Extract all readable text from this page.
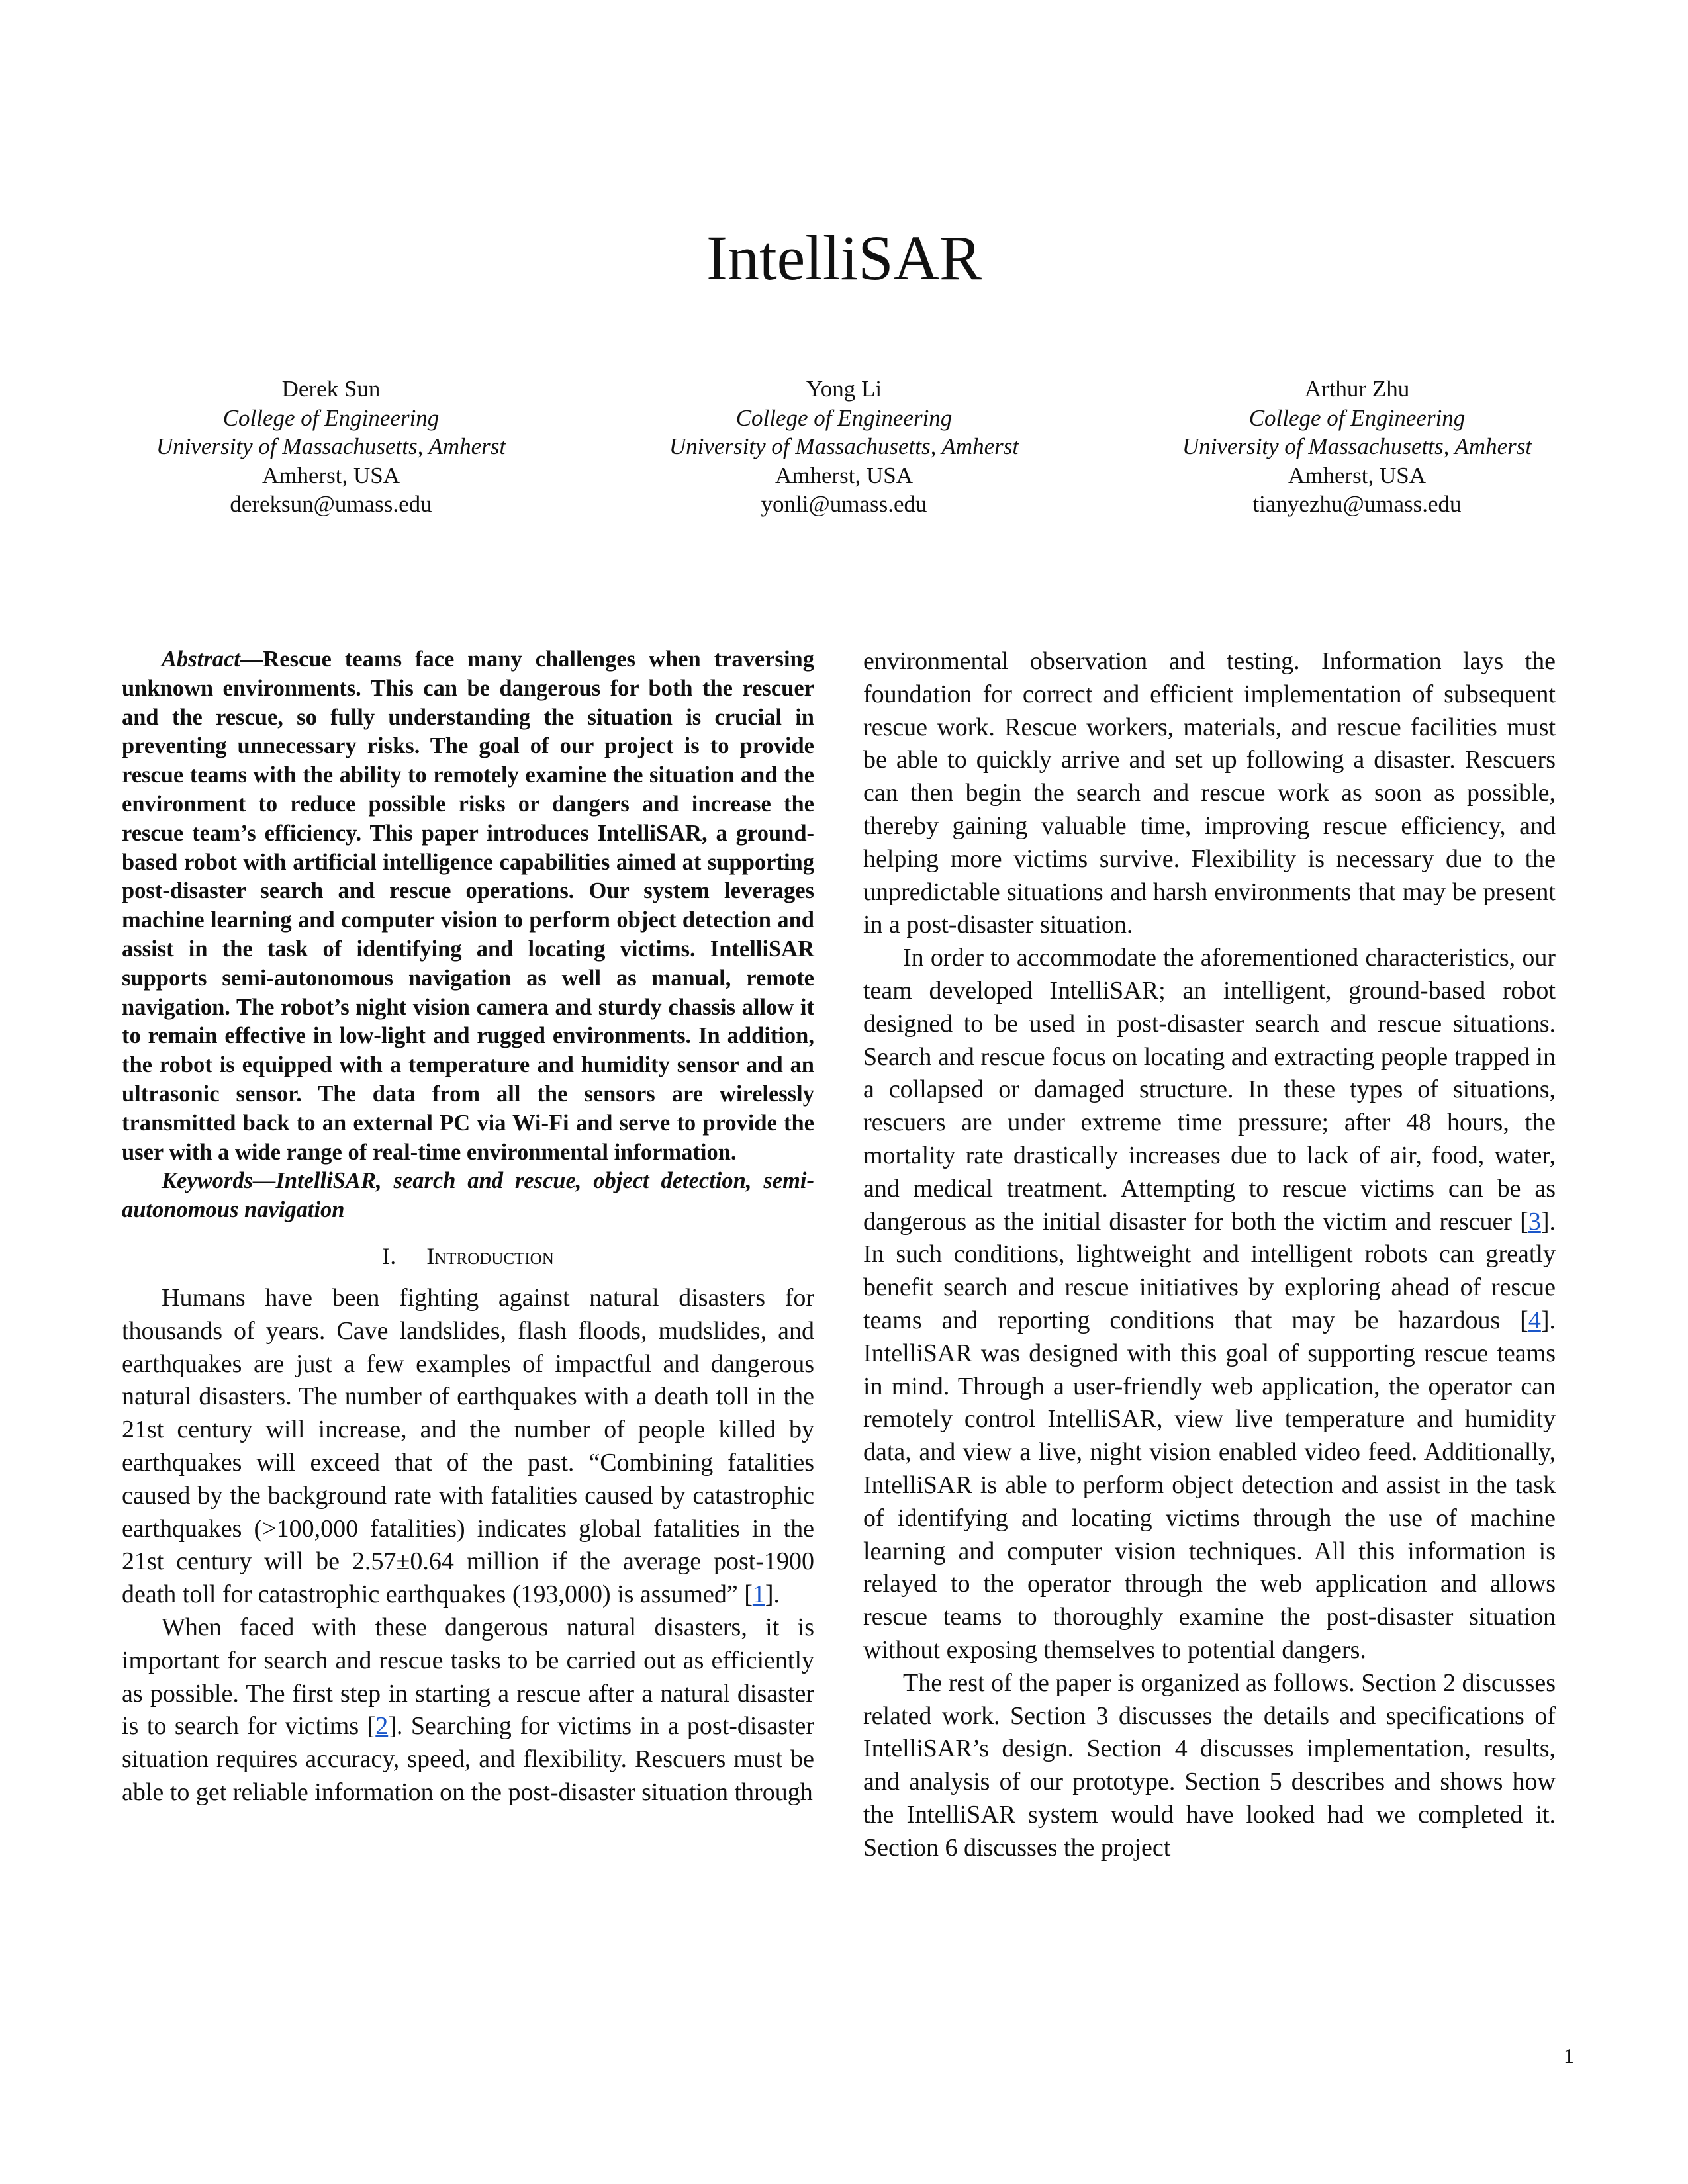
IntelliSAR
Derek Sun
College of Engineering
University of Massachusetts, Amherst
Amherst, USA
dereksun@umass.edu
Yong Li
College of Engineering
University of Massachusetts, Amherst
Amherst, USA
yonli@umass.edu
Arthur Zhu
College of Engineering
University of Massachusetts, Amherst
Amherst, USA
tianyezhu@umass.edu

Abstract—Rescue teams face many challenges when traversing unknown environments. This can be dangerous for both the rescuer and the rescue, so fully understanding the situation is crucial in preventing unnecessary risks. The goal of our project is to provide rescue teams with the ability to remotely examine the situation and the environment to reduce possible risks or dangers and increase the rescue team’s efficiency. This paper introduces IntelliSAR, a ground-based robot with artificial intelligence capabilities aimed at supporting post-disaster search and rescue operations. Our system leverages machine learning and computer vision to perform object detection and assist in the task of identifying and locating victims. IntelliSAR supports semi-autonomous navigation as well as manual, remote navigation. The robot’s night vision camera and sturdy chassis allow it to remain effective in low-light and rugged environments. In addition, the robot is equipped with a temperature and humidity sensor and an ultrasonic sensor. The data from all the sensors are wirelessly transmitted back to an external PC via Wi-Fi and serve to provide the user with a wide range of real-time environmental information.

Keywords—IntelliSAR, search and rescue, object detection, semi-autonomous navigation

I. Introduction

Humans have been fighting against natural disasters for thousands of years. Cave landslides, flash floods, mudslides, and earthquakes are just a few examples of impactful and dangerous natural disasters. The number of earthquakes with a death toll in the 21st century will increase, and the number of people killed by earthquakes will exceed that of the past. “Combining fatalities caused by the background rate with fatalities caused by catastrophic earthquakes (>100,000 fatalities) indicates global fatalities in the 21st century will be 2.57±0.64 million if the average post-1900 death toll for catastrophic earthquakes (193,000) is assumed” [1].

When faced with these dangerous natural disasters, it is important for search and rescue tasks to be carried out as efficiently as possible. The first step in starting a rescue after a natural disaster is to search for victims [2]. Searching for victims in a post-disaster situation requires accuracy, speed, and flexibility. Rescuers must be able to get reliable information on the post-disaster situation through

environmental observation and testing. Information lays the foundation for correct and efficient implementation of subsequent rescue work. Rescue workers, materials, and rescue facilities must be able to quickly arrive and set up following a disaster. Rescuers can then begin the search and rescue work as soon as possible, thereby gaining valuable time, improving rescue efficiency, and helping more victims survive. Flexibility is necessary due to the unpredictable situations and harsh environments that may be present in a post-disaster situation.

In order to accommodate the aforementioned characteristics, our team developed IntelliSAR; an intelligent, ground-based robot designed to be used in post-disaster search and rescue situations. Search and rescue focus on locating and extracting people trapped in a collapsed or damaged structure. In these types of situations, rescuers are under extreme time pressure; after 48 hours, the mortality rate drastically increases due to lack of air, food, water, and medical treatment. Attempting to rescue victims can be as dangerous as the initial disaster for both the victim and rescuer [3]. In such conditions, lightweight and intelligent robots can greatly benefit search and rescue initiatives by exploring ahead of rescue teams and reporting conditions that may be hazardous [4]. IntelliSAR was designed with this goal of supporting rescue teams in mind. Through a user-friendly web application, the operator can remotely control IntelliSAR, view live temperature and humidity data, and view a live, night vision enabled video feed. Additionally, IntelliSAR is able to perform object detection and assist in the task of identifying and locating victims through the use of machine learning and computer vision techniques. All this information is relayed to the operator through the web application and allows rescue teams to thoroughly examine the post-disaster situation without exposing themselves to potential dangers.

The rest of the paper is organized as follows. Section 2 discusses related work. Section 3 discusses the details and specifications of IntelliSAR’s design. Section 4 discusses implementation, results, and analysis of our prototype. Section 5 describes and shows how the IntelliSAR system would have looked had we completed it. Section 6 discusses the project

1
